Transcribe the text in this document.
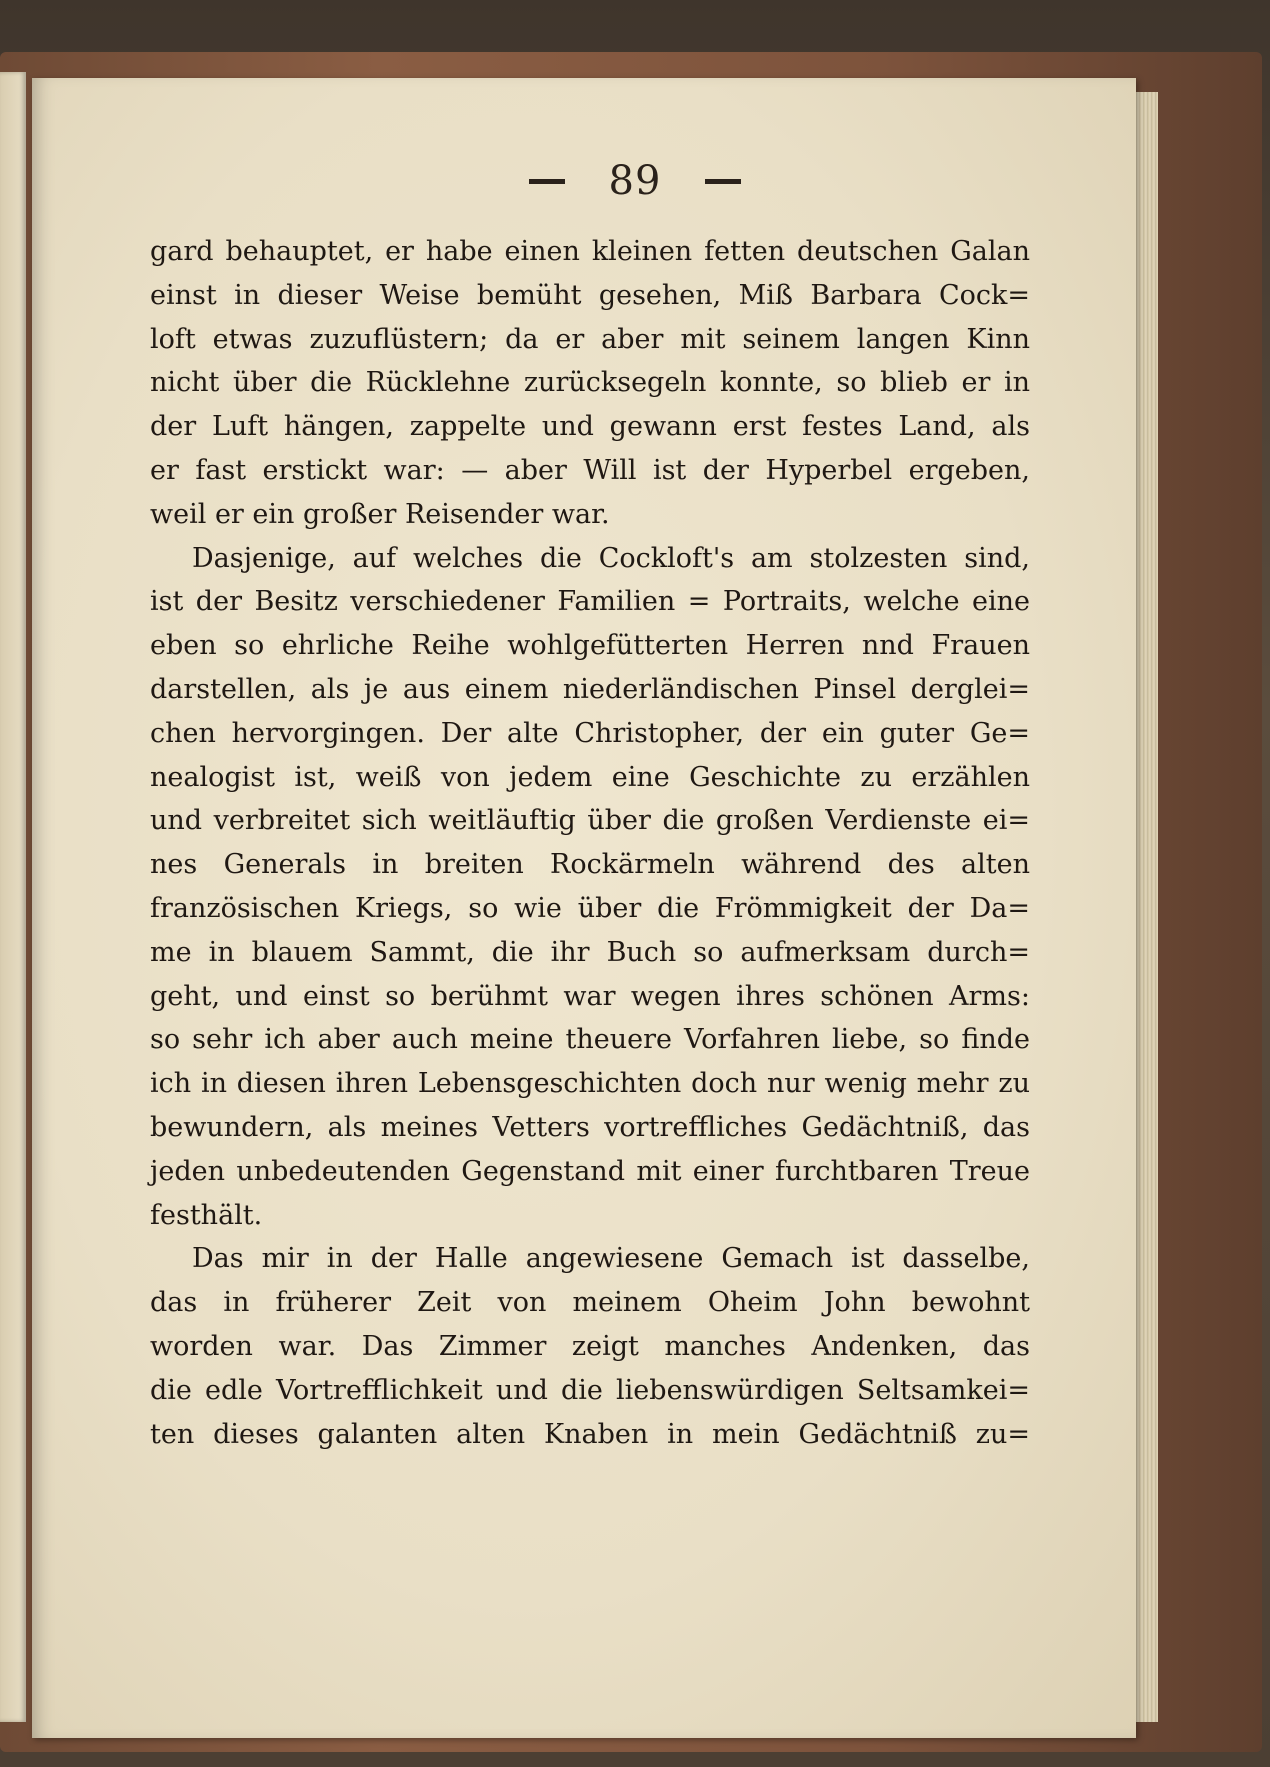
89
gard behauptet, er habe einen kleinen fetten deutschen Galan
einst in dieser Weise bemüht gesehen, Miß Barbara Cock=
loft etwas zuzuflüstern; da er aber mit seinem langen Kinn
nicht über die Rücklehne zurücksegeln konnte, so blieb er in
der Luft hängen, zappelte und gewann erst festes Land, als
er fast erstickt war: — aber Will ist der Hyperbel ergeben,
weil er ein großer Reisender war.
Dasjenige, auf welches die Cockloft's am stolzesten sind,
ist der Besitz verschiedener Familien = Portraits, welche eine
eben so ehrliche Reihe wohlgefütterten Herren nnd Frauen
darstellen, als je aus einem niederländischen Pinsel derglei=
chen hervorgingen. Der alte Christopher, der ein guter Ge=
nealogist ist, weiß von jedem eine Geschichte zu erzählen
und verbreitet sich weitläuftig über die großen Verdienste ei=
nes Generals in breiten Rockärmeln während des alten
französischen Kriegs, so wie über die Frömmigkeit der Da=
me in blauem Sammt, die ihr Buch so aufmerksam durch=
geht, und einst so berühmt war wegen ihres schönen Arms:
so sehr ich aber auch meine theuere Vorfahren liebe, so finde
ich in diesen ihren Lebensgeschichten doch nur wenig mehr zu
bewundern, als meines Vetters vortreffliches Gedächtniß, das
jeden unbedeutenden Gegenstand mit einer furchtbaren Treue
festhält.
Das mir in der Halle angewiesene Gemach ist dasselbe,
das in früherer Zeit von meinem Oheim John bewohnt
worden war. Das Zimmer zeigt manches Andenken, das
die edle Vortrefflichkeit und die liebenswürdigen Seltsamkei=
ten dieses galanten alten Knaben in mein Gedächtniß zu=
